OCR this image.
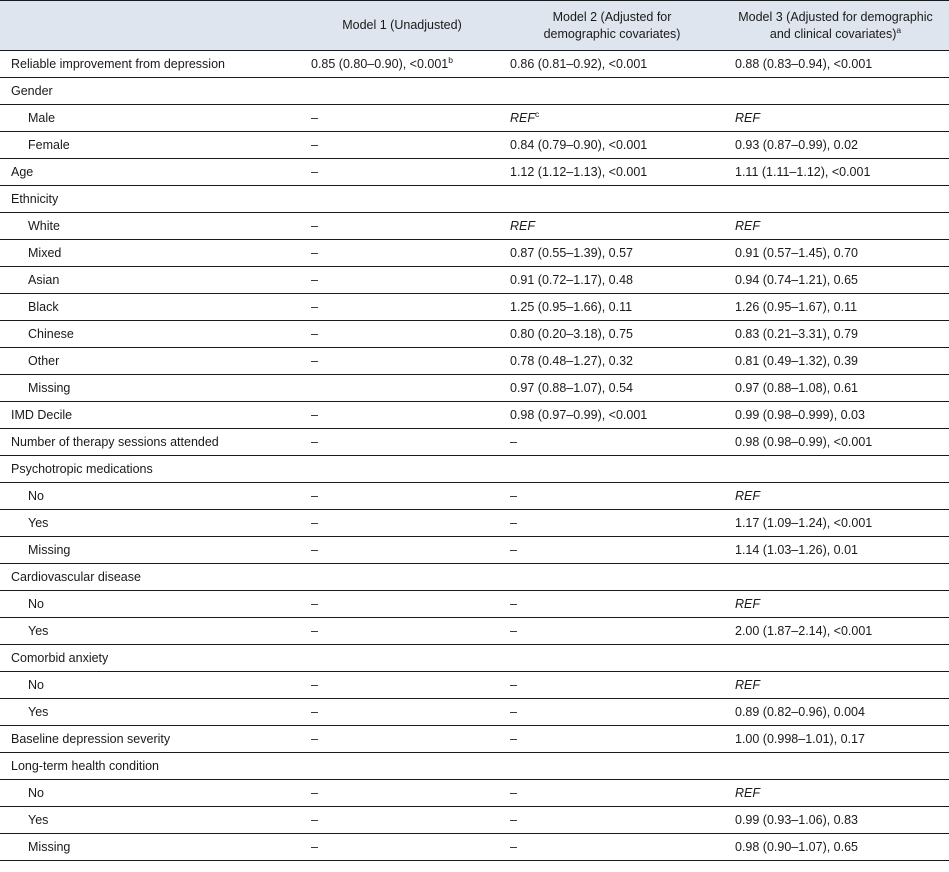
	Model 1 (Unadjusted)	Model 2 (Adjusted for
demographic covariates)	Model 3 (Adjusted for demographic
and clinical covariates)$^a$
Reliable improvement from depression	0.85 (0.80–0.90), <0.001$^b$	0.86 (0.81–0.92), <0.001	0.88 (0.83–0.94), <0.001
Gender			
Male	–	REF$^c$	REF
Female	–	0.84 (0.79–0.90), <0.001	0.93 (0.87–0.99), 0.02
Age	–	1.12 (1.12–1.13), <0.001	1.11 (1.11–1.12), <0.001
Ethnicity			
White	–	REF	REF
Mixed	–	0.87 (0.55–1.39), 0.57	0.91 (0.57–1.45), 0.70
Asian	–	0.91 (0.72–1.17), 0.48	0.94 (0.74–1.21), 0.65
Black	–	1.25 (0.95–1.66), 0.11	1.26 (0.95–1.67), 0.11
Chinese	–	0.80 (0.20–3.18), 0.75	0.83 (0.21–3.31), 0.79
Other	–	0.78 (0.48–1.27), 0.32	0.81 (0.49–1.32), 0.39
Missing		0.97 (0.88–1.07), 0.54	0.97 (0.88–1.08), 0.61
IMD Decile	–	0.98 (0.97–0.99), <0.001	0.99 (0.98–0.999), 0.03
Number of therapy sessions attended	–	–	0.98 (0.98–0.99), <0.001
Psychotropic medications			
No	–	–	REF
Yes	–	–	1.17 (1.09–1.24), <0.001
Missing	–	–	1.14 (1.03–1.26), 0.01
Cardiovascular disease			
No	–	–	REF
Yes	–	–	2.00 (1.87–2.14), <0.001
Comorbid anxiety			
No	–	–	REF
Yes	–	–	0.89 (0.82–0.96), 0.004
Baseline depression severity	–	–	1.00 (0.998–1.01), 0.17
Long-term health condition			
No	–	–	REF
Yes	–	–	0.99 (0.93–1.06), 0.83
Missing	–	–	0.98 (0.90–1.07), 0.65
